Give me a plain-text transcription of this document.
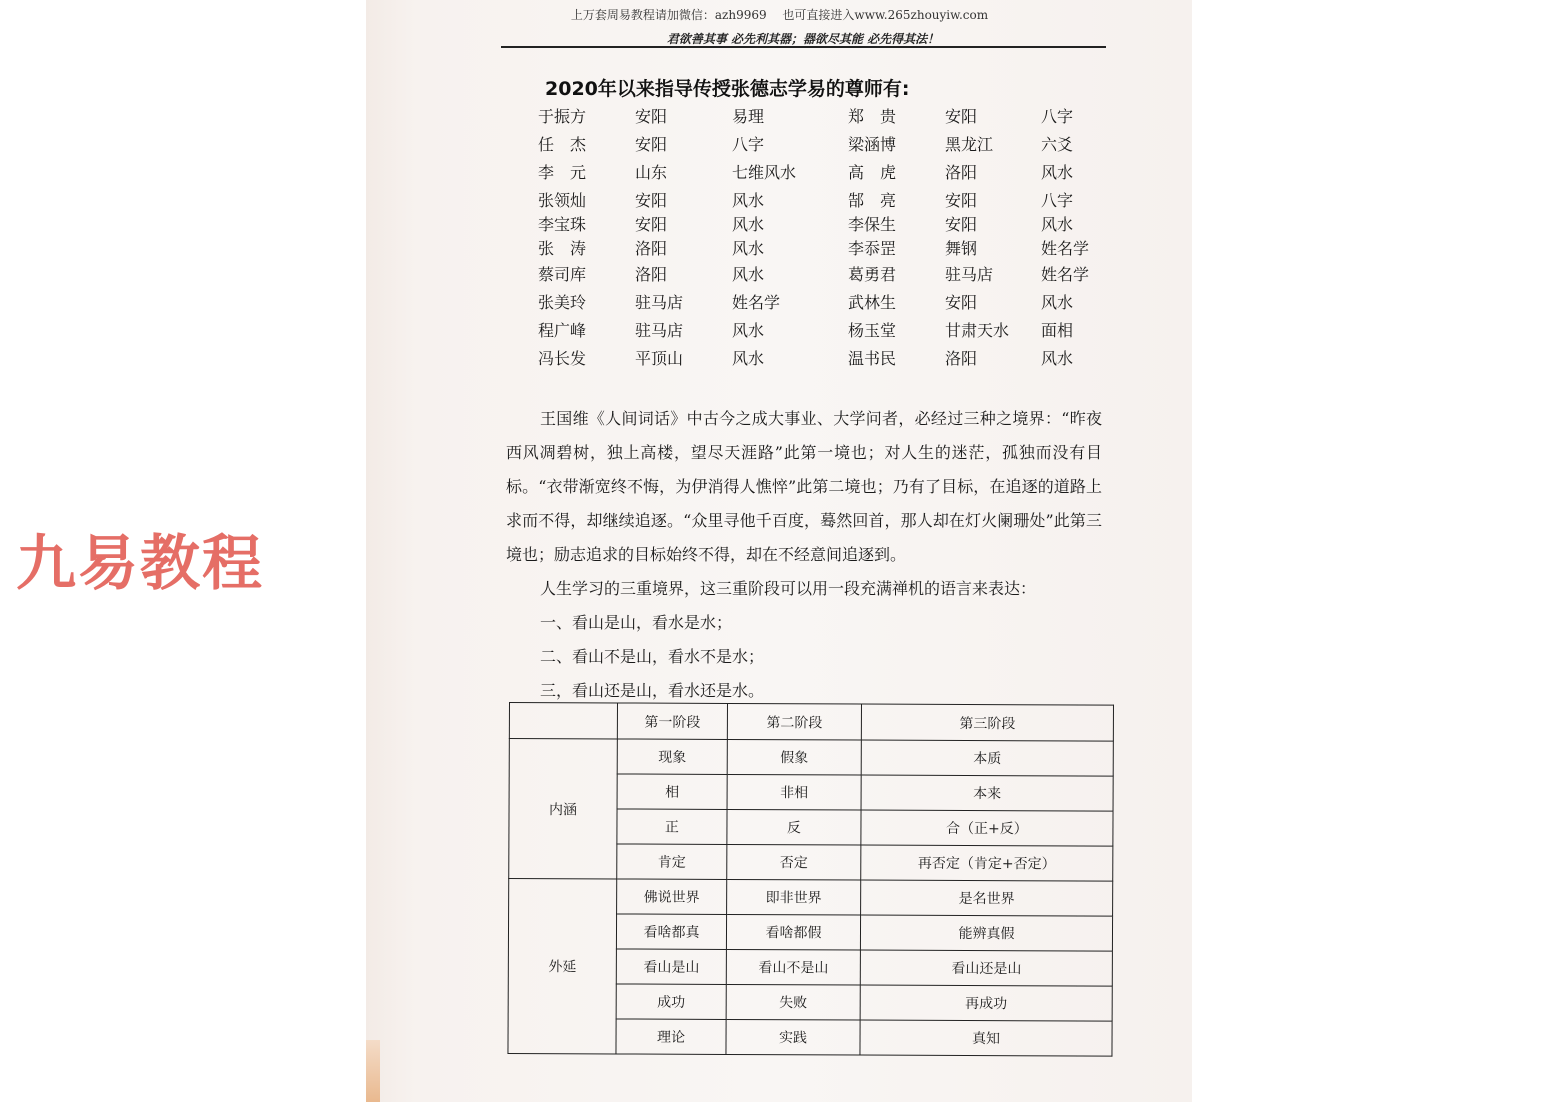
上万套周易教程请加微信：azh9969　 也可直接进入www.265zhouyiw.com
君欲善其事 必先利其器；器欲尽其能 必先得其法！
九易教程
2020年以来指导传授张德志学易的尊师有:
于振方	安阳	易理	郑　贵	安阳	八字
任　杰	安阳	八字	梁涵博	黑龙江	六爻
李　元	山东	七维风水	高　虎	洛阳	风水
张领灿	安阳	风水	郜　亮	安阳	八字
李宝珠	安阳	风水	李保生	安阳	风水
张　涛	洛阳	风水	李忝罡	舞钢	姓名学
蔡司库	洛阳	风水	葛勇君	驻马店	姓名学
张美玲	驻马店	姓名学	武林生	安阳	风水
程广峰	驻马店	风水	杨玉堂	甘肃天水 面相
冯长发	平顶山	风水	温书民	洛阳	风水
王国维《人间词话》中古今之成大事业、大学问者，必经过三种之境界：“昨夜西风凋碧树，独上高楼，望尽天涯路”此第一境也；对人生的迷茫，孤独而没有目标。“衣带渐宽终不悔，为伊消得人憔悴”此第二境也；乃有了目标，在追逐的道路上求而不得，却继续追逐。“众里寻他千百度，蓦然回首，那人却在灯火阑珊处”此第三境也；励志追求的目标始终不得，却在不经意间追逐到。
人生学习的三重境界，这三重阶段可以用一段充满禅机的语言来表达：
一、看山是山，看水是水；
二、看山不是山，看水不是水；
三，看山还是山，看水还是水。
	第一阶段	第二阶段	第三阶段
内涵	现象	假象	本质
	相	非相	本来
	正	反	合（正+反）
	肯定	否定	再否定（肯定+否定）
外延	佛说世界	即非世界	是名世界
	看啥都真	看啥都假	能辨真假
	看山是山	看山不是山	看山还是山
	成功	失败	再成功
	理论	实践	真知
